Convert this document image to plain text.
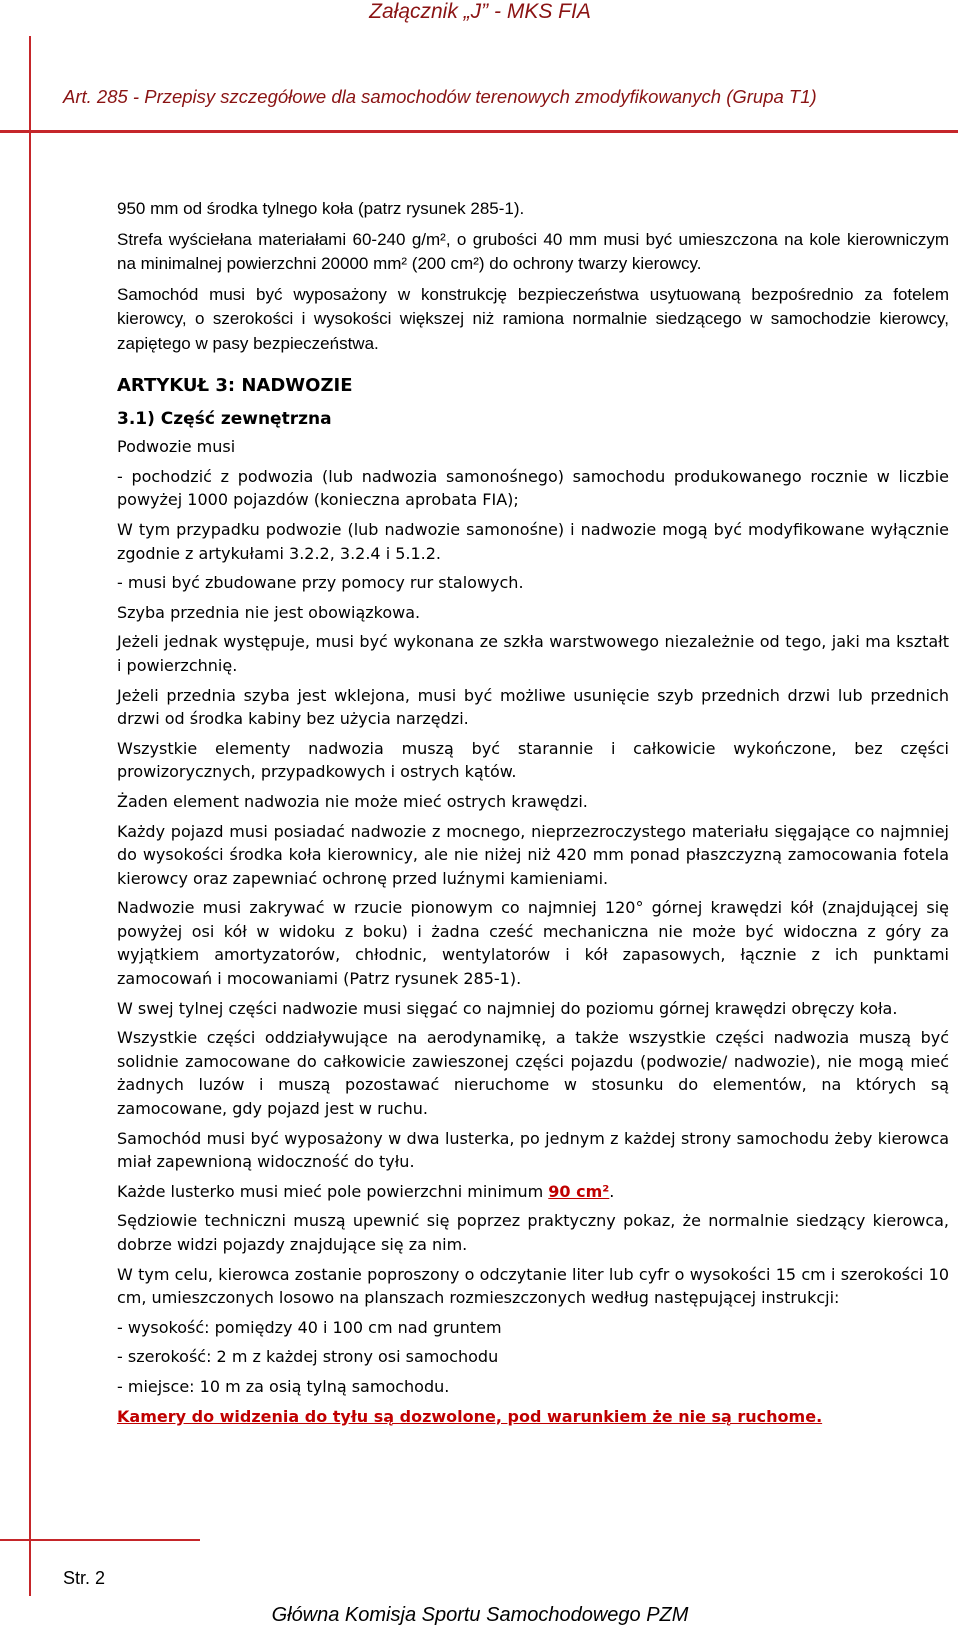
Załącznik „J” - MKS FIA
Art. 285 - Przepisy szczegółowe dla samochodów terenowych zmodyfikowanych (Grupa T1)

950 mm od środka tylnego koła (patrz rysunek 285-1).

Strefa wyściełana materiałami 60-240 g/m², o grubości 40 mm musi być umieszczona na kole kierowniczym na minimalnej powierzchni 20000 mm² (200 cm²) do ochrony twarzy kierowcy.

Samochód musi być wyposażony w konstrukcję bezpieczeństwa usytuowaną bezpośrednio za fotelem kierowcy, o szerokości i wysokości większej niż ramiona normalnie siedzącego w samochodzie kierowcy, zapiętego w pasy bezpieczeństwa.

ARTYKUŁ 3: NADWOZIE

3.1) Część zewnętrzna

Podwozie musi

- pochodzić z podwozia (lub nadwozia samonośnego) samochodu produkowanego rocznie w liczbie powyżej 1000 pojazdów (konieczna aprobata FIA);

W tym przypadku podwozie (lub nadwozie samonośne) i nadwozie mogą być modyfikowane wyłącznie zgodnie z artykułami 3.2.2, 3.2.4 i 5.1.2.

- musi być zbudowane przy pomocy rur stalowych.

Szyba przednia nie jest obowiązkowa.

Jeżeli jednak występuje, musi być wykonana ze szkła warstwowego niezależnie od tego, jaki ma kształt i powierzchnię.

Jeżeli przednia szyba jest wklejona, musi być możliwe usunięcie szyb przednich drzwi lub przednich drzwi od środka kabiny bez użycia narzędzi.

Wszystkie elementy nadwozia muszą być starannie i całkowicie wykończone, bez części prowizorycznych, przypadkowych i ostrych kątów.

Żaden element nadwozia nie może mieć ostrych krawędzi.

Każdy pojazd musi posiadać nadwozie z mocnego, nieprzezroczystego materiału sięgające co najmniej do wysokości środka koła kierownicy, ale nie niżej niż 420 mm ponad płaszczyzną zamocowania fotela kierowcy oraz zapewniać ochronę przed luźnymi kamieniami.

Nadwozie musi zakrywać w rzucie pionowym co najmniej 120° górnej krawędzi kół (znajdującej się powyżej osi kół w widoku z boku) i żadna cześć mechaniczna nie może być widoczna z góry za wyjątkiem amortyzatorów, chłodnic, wentylatorów i kół zapasowych, łącznie z ich punktami zamocowań i mocowaniami (Patrz rysunek 285-1).

W swej tylnej części nadwozie musi sięgać co najmniej do poziomu górnej krawędzi obręczy koła.

Wszystkie części oddziaływujące na aerodynamikę, a także wszystkie części nadwozia muszą być solidnie zamocowane do całkowicie zawieszonej części pojazdu (podwozie/ nadwozie), nie mogą mieć żadnych luzów i muszą pozostawać nieruchome w stosunku do elementów, na których są zamocowane, gdy pojazd jest w ruchu.

Samochód musi być wyposażony w dwa lusterka, po jednym z każdej strony samochodu żeby kierowca miał zapewnioną widoczność do tyłu.

Każde lusterko musi mieć pole powierzchni minimum 90 cm².

Sędziowie techniczni muszą upewnić się poprzez praktyczny pokaz, że normalnie siedzący kierowca, dobrze widzi pojazdy znajdujące się za nim.

W tym celu, kierowca zostanie poproszony o odczytanie liter lub cyfr o wysokości 15 cm i szerokości 10 cm, umieszczonych losowo na planszach rozmieszczonych według następującej instrukcji:

- wysokość: pomiędzy 40 i 100 cm nad gruntem

- szerokość: 2 m z każdej strony osi samochodu

- miejsce: 10 m za osią tylną samochodu.

Kamery do widzenia do tyłu są dozwolone, pod warunkiem że nie są ruchome.

Str. 2
Główna Komisja Sportu Samochodowego PZM
